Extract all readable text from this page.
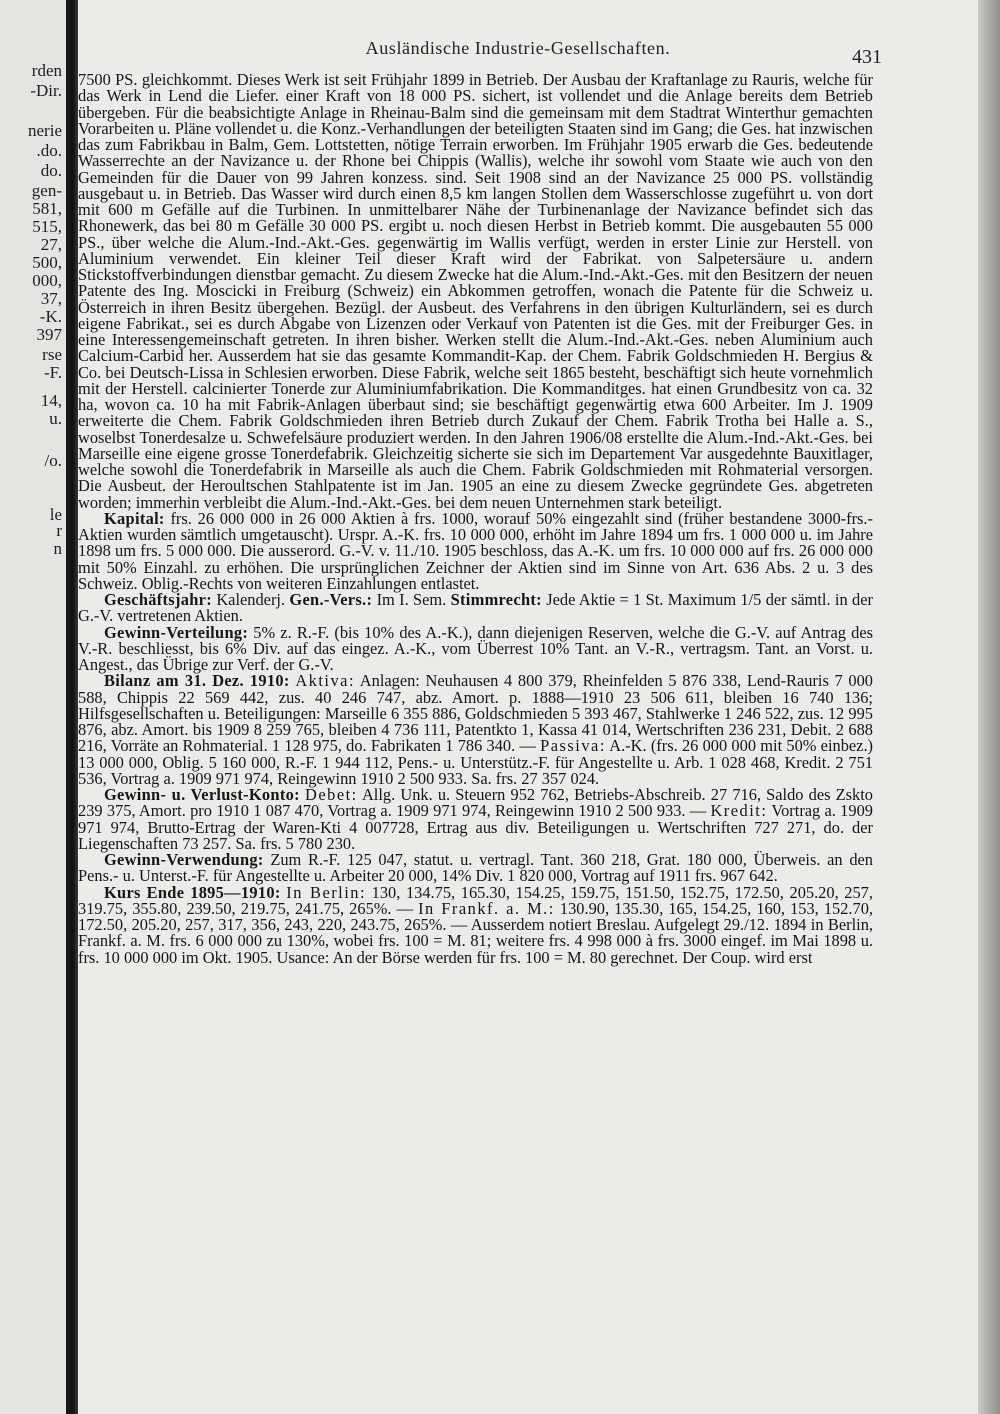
rden
-Dir.
nerie
.do.
do.
gen-
581,
515,
27,
500,
000,
37,
-K.
397
rse
-F.
14,
u.
/o.
le
r
n
Ausländische Industrie-Gesellschaften.	431

7500 PS. gleichkommt. Dieses Werk ist seit Frühjahr 1899 in Betrieb. Der Ausbau der Kraftanlage zu Rauris, welche für das Werk in Lend die Liefer. einer Kraft von 18 000 PS. sichert, ist vollendet und die Anlage bereits dem Betrieb übergeben. Für die beabsichtigte Anlage in Rheinau-Balm sind die gemeinsam mit dem Stadtrat Winterthur gemachten Vorarbeiten u. Pläne vollendet u. die Konz.-Verhandlungen der beteiligten Staaten sind im Gang; die Ges. hat inzwischen das zum Fabrikbau in Balm, Gem. Lottstetten, nötige Terrain erworben. Im Frühjahr 1905 erwarb die Ges. bedeutende Wasserrechte an der Navizance u. der Rhone bei Chippis (Wallis), welche ihr sowohl vom Staate wie auch von den Gemeinden für die Dauer von 99 Jahren konzess. sind. Seit 1908 sind an der Navizance 25 000 PS. vollständig ausgebaut u. in Betrieb. Das Wasser wird durch einen 8,5 km langen Stollen dem Wasserschlosse zugeführt u. von dort mit 600 m Gefälle auf die Turbinen. In unmittelbarer Nähe der Turbinenanlage der Navizance befindet sich das Rhonewerk, das bei 80 m Gefälle 30 000 PS. ergibt u. noch diesen Herbst in Betrieb kommt. Die ausgebauten 55 000 PS., über welche die Alum.-Ind.-Akt.-Ges. gegenwärtig im Wallis verfügt, werden in erster Linie zur Herstell. von Aluminium verwendet. Ein kleiner Teil dieser Kraft wird der Fabrikat. von Salpetersäure u. andern Stickstoffverbindungen dienstbar gemacht. Zu diesem Zwecke hat die Alum.-Ind.-Akt.-Ges. mit den Besitzern der neuen Patente des Ing. Moscicki in Freiburg (Schweiz) ein Abkommen getroffen, wonach die Patente für die Schweiz u. Österreich in ihren Besitz übergehen. Bezügl. der Ausbeut. des Verfahrens in den übrigen Kulturländern, sei es durch eigene Fabrikat., sei es durch Abgabe von Lizenzen oder Verkauf von Patenten ist die Ges. mit der Freiburger Ges. in eine Interessengemeinschaft getreten. In ihren bisher. Werken stellt die Alum.-Ind.-Akt.-Ges. neben Aluminium auch Calcium-Carbid her. Ausserdem hat sie das gesamte Kommandit-Kap. der Chem. Fabrik Goldschmieden H. Bergius & Co. bei Deutsch-Lissa in Schlesien erworben. Diese Fabrik, welche seit 1865 besteht, beschäftigt sich heute vornehmlich mit der Herstell. calcinierter Tonerde zur Aluminiumfabrikation. Die Kommanditges. hat einen Grundbesitz von ca. 32 ha, wovon ca. 10 ha mit Fabrik-Anlagen überbaut sind; sie beschäftigt gegenwärtig etwa 600 Arbeiter. Im J. 1909 erweiterte die Chem. Fabrik Goldschmieden ihren Betrieb durch Zukauf der Chem. Fabrik Trotha bei Halle a. S., woselbst Tonerdesalze u. Schwefelsäure produziert werden. In den Jahren 1906/08 erstellte die Alum.-Ind.-Akt.-Ges. bei Marseille eine eigene grosse Tonerdefabrik. Gleichzeitig sicherte sie sich im Departement Var ausgedehnte Bauxitlager, welche sowohl die Tonerdefabrik in Marseille als auch die Chem. Fabrik Goldschmieden mit Rohmaterial versorgen. Die Ausbeut. der Heroultschen Stahlpatente ist im Jan. 1905 an eine zu diesem Zwecke gegründete Ges. abgetreten worden; immerhin verbleibt die Alum.-Ind.-Akt.-Ges. bei dem neuen Unternehmen stark beteiligt.

Kapital: frs. 26 000 000 in 26 000 Aktien à frs. 1000, worauf 50% eingezahlt sind (früher bestandene 3000-frs.-Aktien wurden sämtlich umgetauscht). Urspr. A.-K. frs. 10 000 000, erhöht im Jahre 1894 um frs. 1 000 000 u. im Jahre 1898 um frs. 5 000 000. Die ausserord. G.-V. v. 11./10. 1905 beschloss, das A.-K. um frs. 10 000 000 auf frs. 26 000 000 mit 50% Einzahl. zu erhöhen. Die ursprünglichen Zeichner der Aktien sind im Sinne von Art. 636 Abs. 2 u. 3 des Schweiz. Oblig.-Rechts von weiteren Einzahlungen entlastet.

Geschäftsjahr: Kalenderj. Gen.-Vers.: Im I. Sem. Stimmrecht: Jede Aktie = 1 St. Maximum 1/5 der sämtl. in der G.-V. vertretenen Aktien.

Gewinn-Verteilung: 5% z. R.-F. (bis 10% des A.-K.), dann diejenigen Reserven, welche die G.-V. auf Antrag des V.-R. beschliesst, bis 6% Div. auf das eingez. A.-K., vom Überrest 10% Tant. an V.-R., vertragsm. Tant. an Vorst. u. Angest., das Übrige zur Verf. der G.-V.

Bilanz am 31. Dez. 1910: Aktiva: Anlagen: Neuhausen 4 800 379, Rheinfelden 5 876 338, Lend-Rauris 7 000 588, Chippis 22 569 442, zus. 40 246 747, abz. Amort. p. 1888—1910 23 506 611, bleiben 16 740 136; Hilfsgesellschaften u. Beteiligungen: Marseille 6 355 886, Goldschmieden 5 393 467, Stahlwerke 1 246 522, zus. 12 995 876, abz. Amort. bis 1909 8 259 765, bleiben 4 736 111, Patentkto 1, Kassa 41 014, Wertschriften 236 231, Debit. 2 688 216, Vorräte an Rohmaterial. 1 128 975, do. Fabrikaten 1 786 340. — Passiva: A.-K. (frs. 26 000 000 mit 50% einbez.) 13 000 000, Oblig. 5 160 000, R.-F. 1 944 112, Pens.- u. Unterstütz.-F. für Angestellte u. Arb. 1 028 468, Kredit. 2 751 536, Vortrag a. 1909 971 974, Reingewinn 1910 2 500 933. Sa. frs. 27 357 024.

Gewinn- u. Verlust-Konto: Debet: Allg. Unk. u. Steuern 952 762, Betriebs-Abschreib. 27 716, Saldo des Zskto 239 375, Amort. pro 1910 1 087 470, Vortrag a. 1909 971 974, Reingewinn 1910 2 500 933. — Kredit: Vortrag a. 1909 971 974, Brutto-Ertrag der Waren-Kti 4 007728, Ertrag aus div. Beteiligungen u. Wertschriften 727 271, do. der Liegenschaften 73 257. Sa. frs. 5 780 230.

Gewinn-Verwendung: Zum R.-F. 125 047, statut. u. vertragl. Tant. 360 218, Grat. 180 000, Überweis. an den Pens.- u. Unterst.-F. für Angestellte u. Arbeiter 20 000, 14% Div. 1 820 000, Vortrag auf 1911 frs. 967 642.

Kurs Ende 1895—1910: In Berlin: 130, 134.75, 165.30, 154.25, 159.75, 151.50, 152.75, 172.50, 205.20, 257, 319.75, 355.80, 239.50, 219.75, 241.75, 265%. — In Frankf. a. M.: 130.90, 135.30, 165, 154.25, 160, 153, 152.70, 172.50, 205.20, 257, 317, 356, 243, 220, 243.75, 265%. — Ausserdem notiert Breslau. Aufgelegt 29./12. 1894 in Berlin, Frankf. a. M. frs. 6 000 000 zu 130%, wobei frs. 100 = M. 81; weitere frs. 4 998 000 à frs. 3000 eingef. im Mai 1898 u. frs. 10 000 000 im Okt. 1905. Usance: An der Börse werden für frs. 100 = M. 80 gerechnet. Der Coup. wird erst
